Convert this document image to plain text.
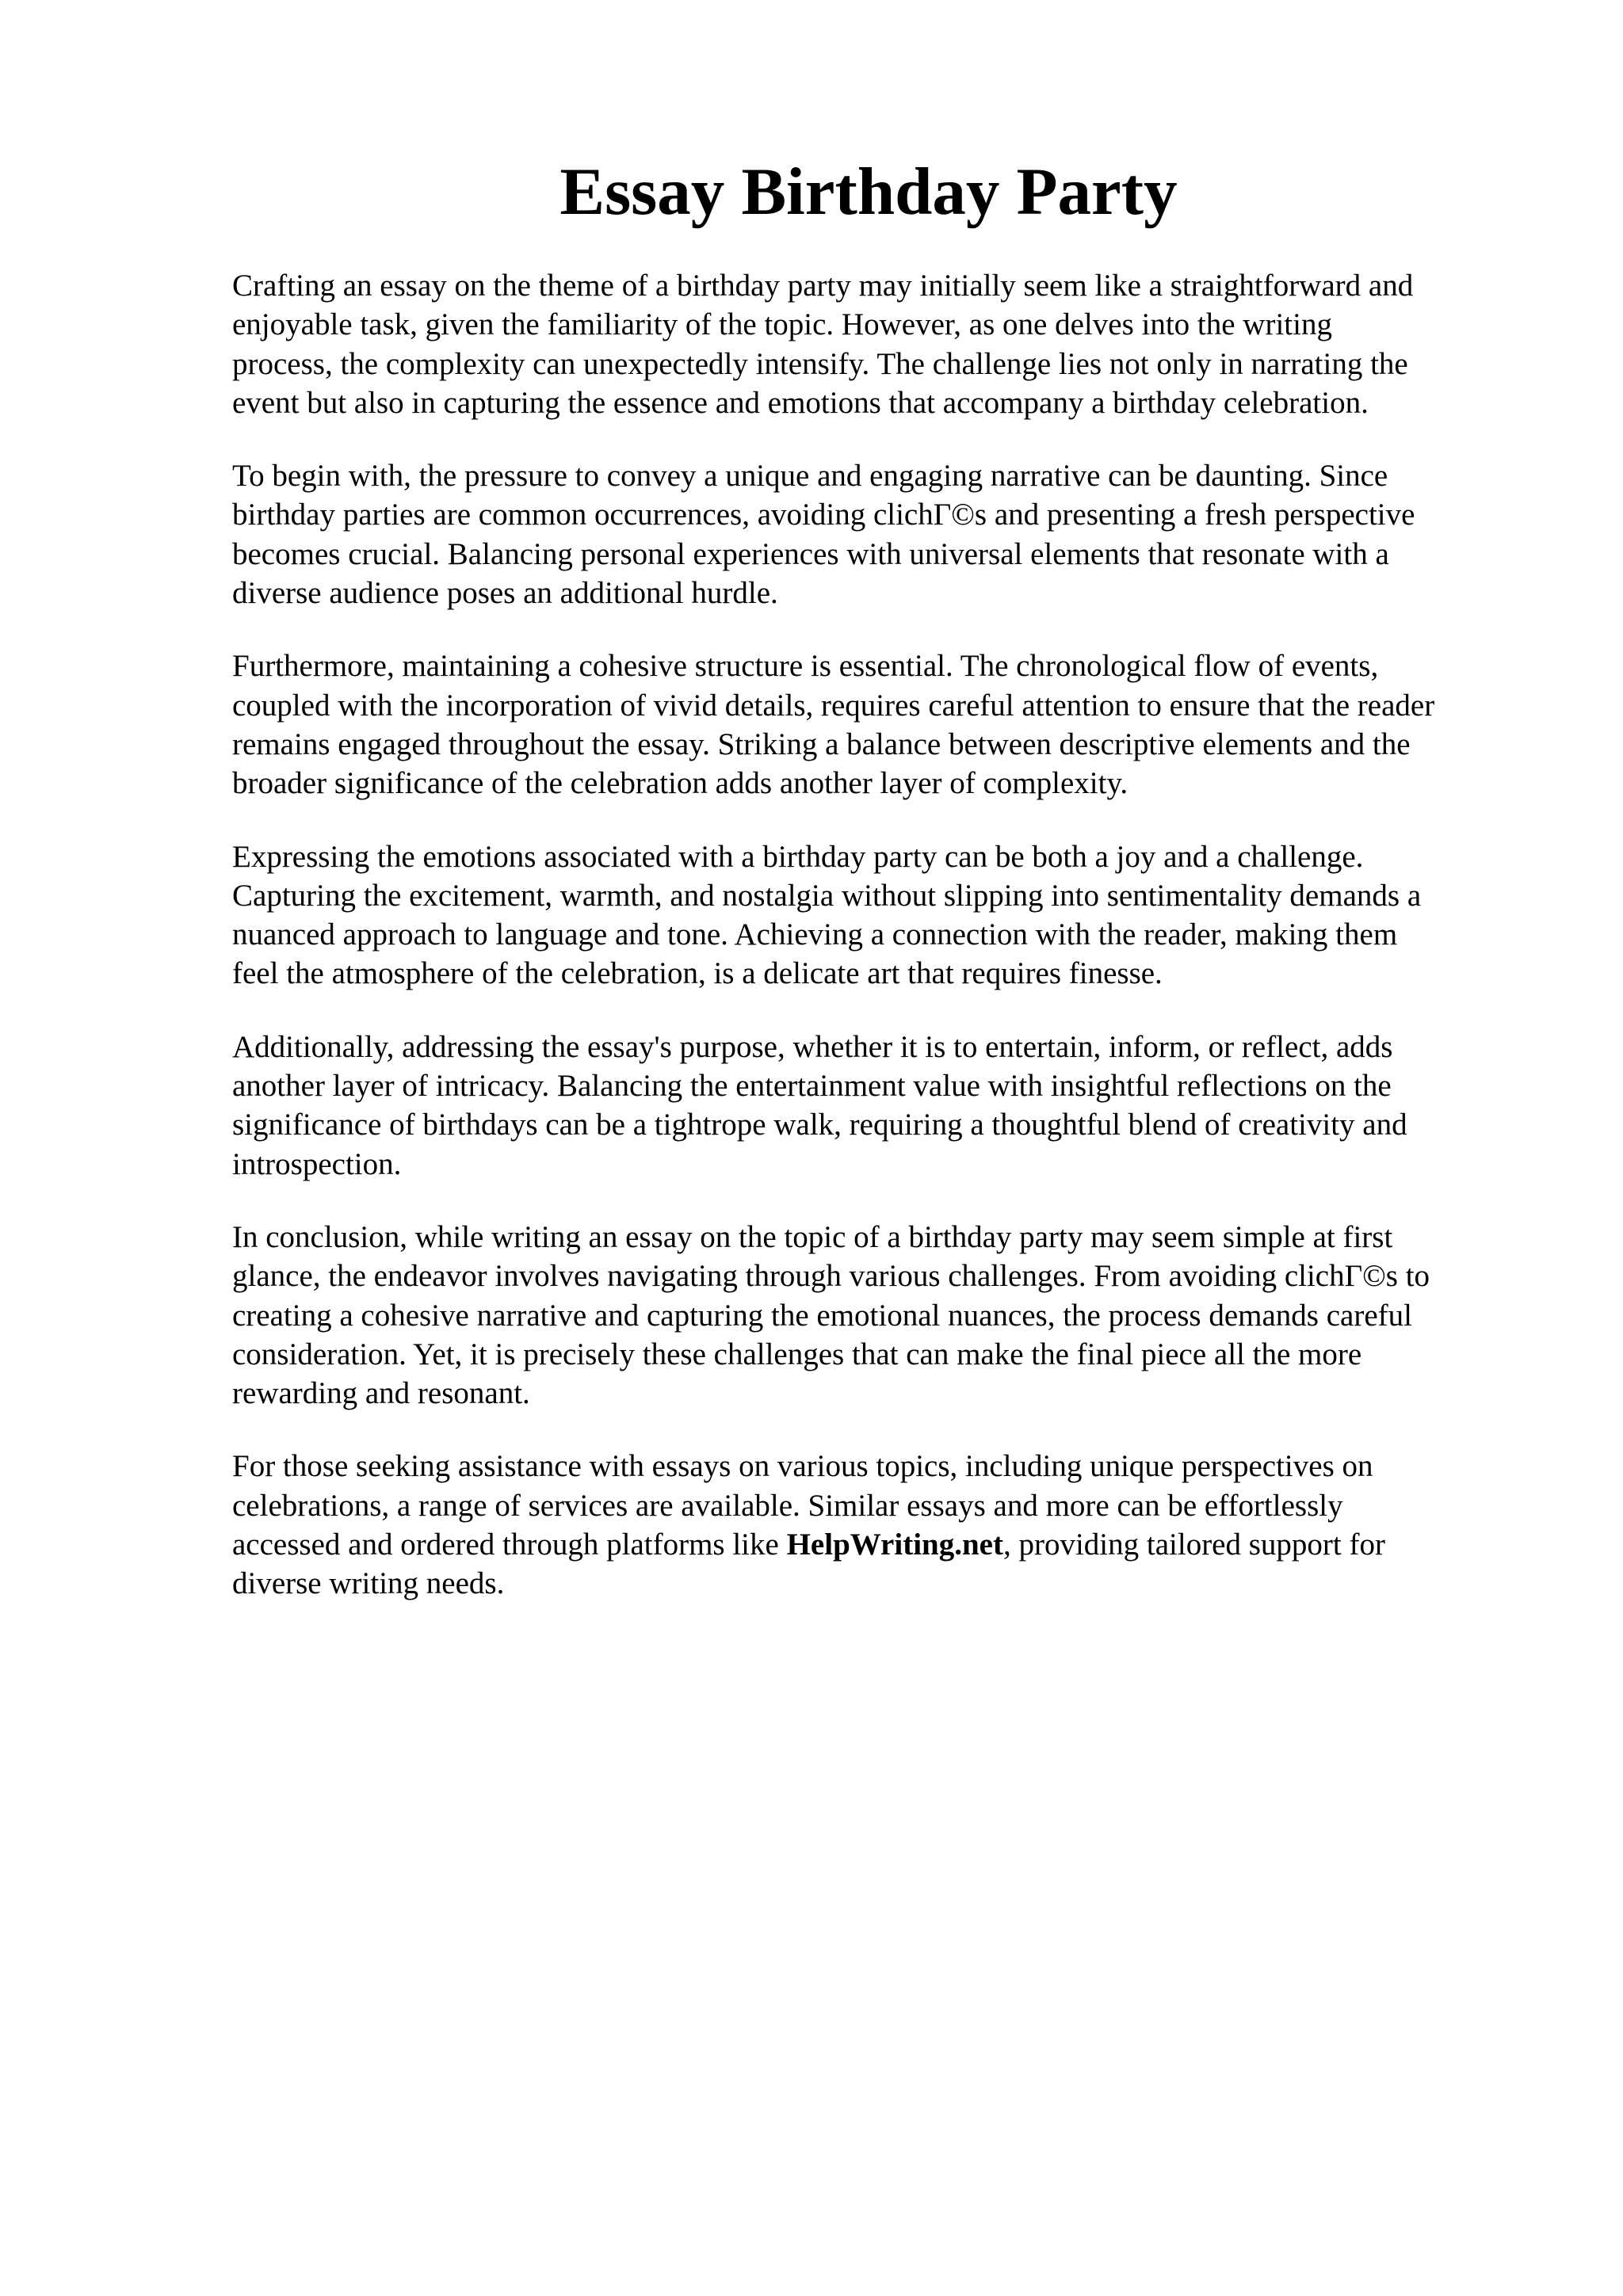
Essay Birthday Party

Crafting an essay on the theme of a birthday party may initially seem like a straightforward and
enjoyable task, given the familiarity of the topic. However, as one delves into the writing
process, the complexity can unexpectedly intensify. The challenge lies not only in narrating the
event but also in capturing the essence and emotions that accompany a birthday celebration.

To begin with, the pressure to convey a unique and engaging narrative can be daunting. Since
birthday parties are common occurrences, avoiding clichΓ©s and presenting a fresh perspective
becomes crucial. Balancing personal experiences with universal elements that resonate with a
diverse audience poses an additional hurdle.

Furthermore, maintaining a cohesive structure is essential. The chronological flow of events,
coupled with the incorporation of vivid details, requires careful attention to ensure that the reader
remains engaged throughout the essay. Striking a balance between descriptive elements and the
broader significance of the celebration adds another layer of complexity.

Expressing the emotions associated with a birthday party can be both a joy and a challenge.
Capturing the excitement, warmth, and nostalgia without slipping into sentimentality demands a
nuanced approach to language and tone. Achieving a connection with the reader, making them
feel the atmosphere of the celebration, is a delicate art that requires finesse.

Additionally, addressing the essay's purpose, whether it is to entertain, inform, or reflect, adds
another layer of intricacy. Balancing the entertainment value with insightful reflections on the
significance of birthdays can be a tightrope walk, requiring a thoughtful blend of creativity and
introspection.

In conclusion, while writing an essay on the topic of a birthday party may seem simple at first
glance, the endeavor involves navigating through various challenges. From avoiding clichΓ©s to
creating a cohesive narrative and capturing the emotional nuances, the process demands careful
consideration. Yet, it is precisely these challenges that can make the final piece all the more
rewarding and resonant.

For those seeking assistance with essays on various topics, including unique perspectives on
celebrations, a range of services are available. Similar essays and more can be effortlessly
accessed and ordered through platforms like HelpWriting.net, providing tailored support for
diverse writing needs.
